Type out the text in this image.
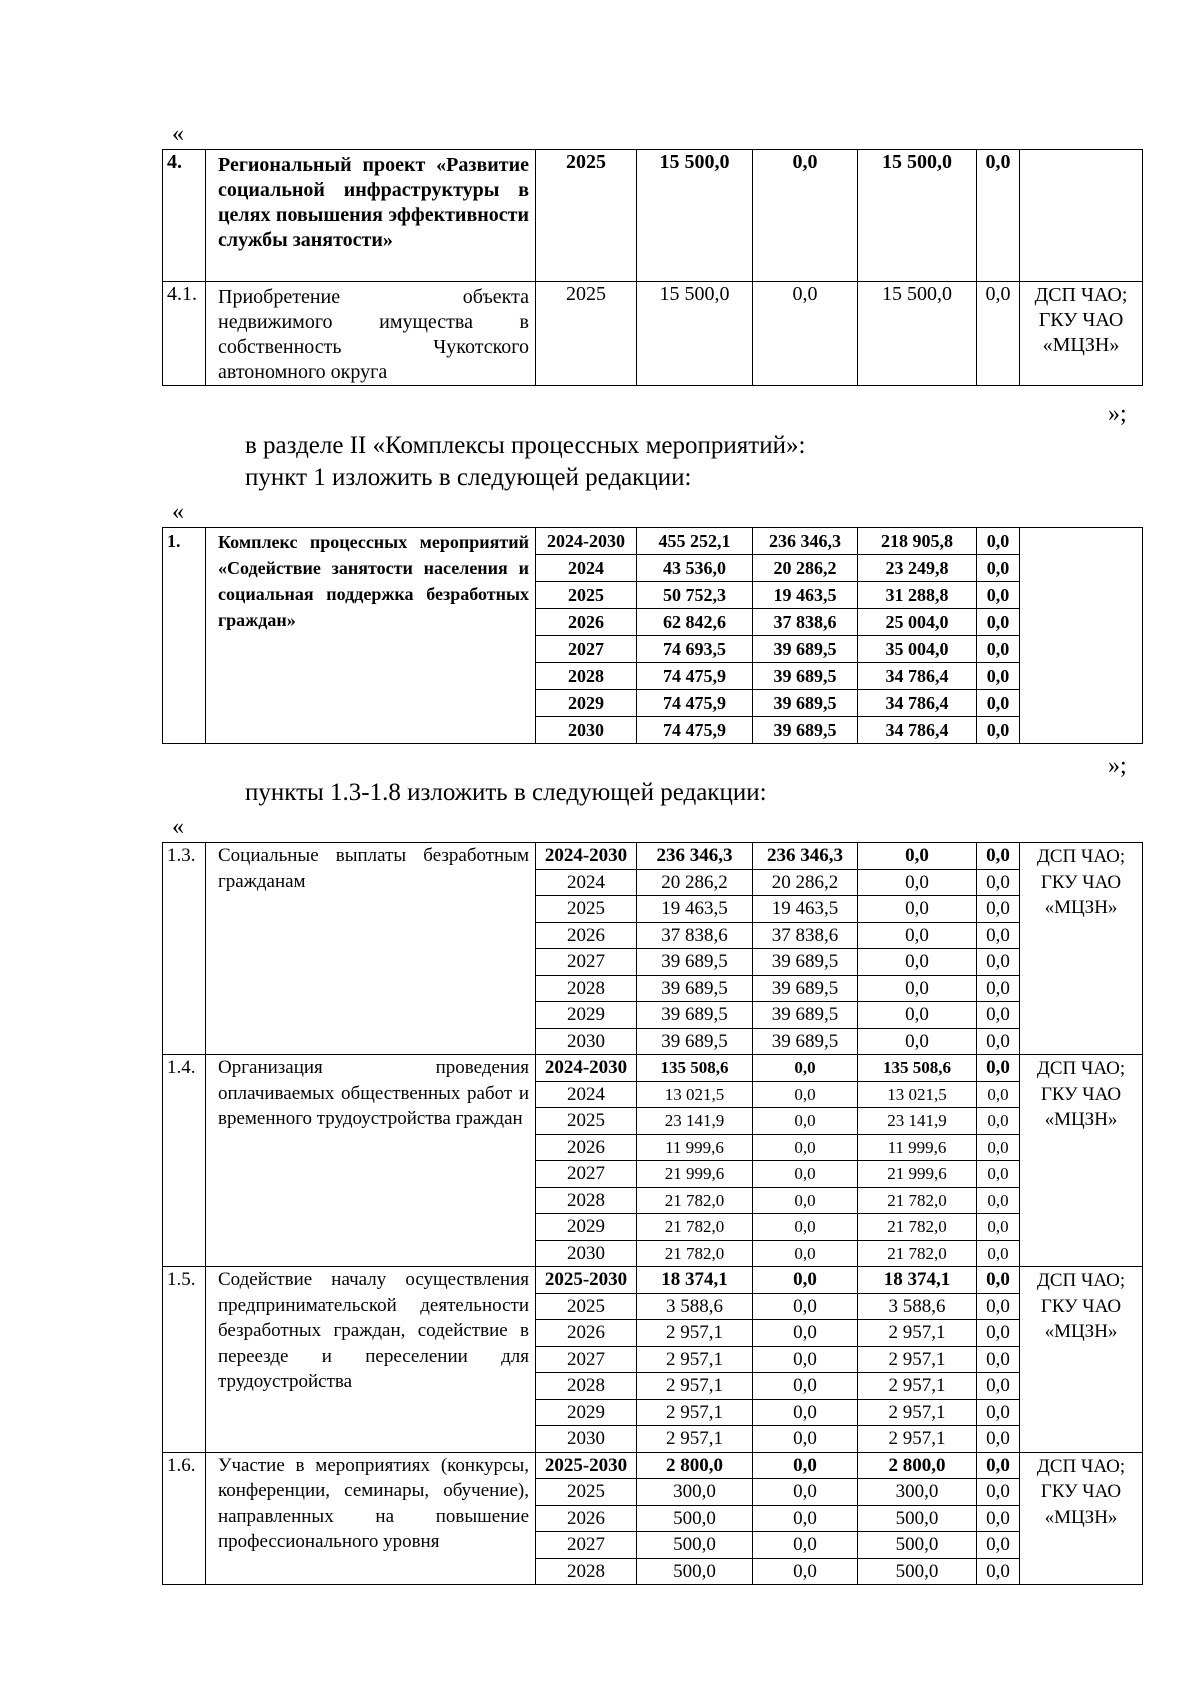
«
4.	Региональный проект «Развитие социальной инфраструктуры в целях повышения эффективности службы занятости»	2025	15 500,0	0,0	15 500,0	0,0	
4.1.	Приобретение объекта недвижимого имущества в собственность Чукотского автономного округа	2025	15 500,0	0,0	15 500,0	0,0	ДСП ЧАО; ГКУ ЧАО «МЦЗН»
»;
в разделе II «Комплексы процессных мероприятий»:
пункт 1 изложить в следующей редакции:
«
1.	Комплекс процессных мероприятий «Содействие занятости населения и социальная поддержка безработных граждан»	2024-2030	455 252,1	236 346,3	218 905,8	0,0	
		2024	43 536,0	20 286,2	23 249,8	0,0	
		2025	50 752,3	19 463,5	31 288,8	0,0	
		2026	62 842,6	37 838,6	25 004,0	0,0	
		2027	74 693,5	39 689,5	35 004,0	0,0	
		2028	74 475,9	39 689,5	34 786,4	0,0	
		2029	74 475,9	39 689,5	34 786,4	0,0	
		2030	74 475,9	39 689,5	34 786,4	0,0	
»;
пункты 1.3-1.8 изложить в следующей редакции:
«
1.3.	Социальные выплаты безработным гражданам	2024-2030	236 346,3	236 346,3	0,0	0,0	ДСП ЧАО; ГКУ ЧАО «МЦЗН»
		2024	20 286,2	20 286,2	0,0	0,0	
		2025	19 463,5	19 463,5	0,0	0,0	
		2026	37 838,6	37 838,6	0,0	0,0	
		2027	39 689,5	39 689,5	0,0	0,0	
		2028	39 689,5	39 689,5	0,0	0,0	
		2029	39 689,5	39 689,5	0,0	0,0	
		2030	39 689,5	39 689,5	0,0	0,0	
1.4.	Организация проведения оплачиваемых общественных работ и временного трудоустройства граждан	2024-2030	135 508,6	0,0	135 508,6	0,0	ДСП ЧАО; ГКУ ЧАО «МЦЗН»
		2024	13 021,5	0,0	13 021,5	0,0	
		2025	23 141,9	0,0	23 141,9	0,0	
		2026	11 999,6	0,0	11 999,6	0,0	
		2027	21 999,6	0,0	21 999,6	0,0	
		2028	21 782,0	0,0	21 782,0	0,0	
		2029	21 782,0	0,0	21 782,0	0,0	
		2030	21 782,0	0,0	21 782,0	0,0	
1.5.	Содействие началу осуществления предпринимательской деятельности безработных граждан, содействие в переезде и переселении для трудоустройства	2025-2030	18 374,1	0,0	18 374,1	0,0	ДСП ЧАО; ГКУ ЧАО «МЦЗН»
		2025	3 588,6	0,0	3 588,6	0,0	
		2026	2 957,1	0,0	2 957,1	0,0	
		2027	2 957,1	0,0	2 957,1	0,0	
		2028	2 957,1	0,0	2 957,1	0,0	
		2029	2 957,1	0,0	2 957,1	0,0	
		2030	2 957,1	0,0	2 957,1	0,0	
1.6.	Участие в мероприятиях (конкурсы, конференции, семинары, обучение), направленных на повышение профессионального уровня	2025-2030	2 800,0	0,0	2 800,0	0,0	ДСП ЧАО; ГКУ ЧАО «МЦЗН»
		2025	300,0	0,0	300,0	0,0	
		2026	500,0	0,0	500,0	0,0	
		2027	500,0	0,0	500,0	0,0	
		2028	500,0	0,0	500,0	0,0	
